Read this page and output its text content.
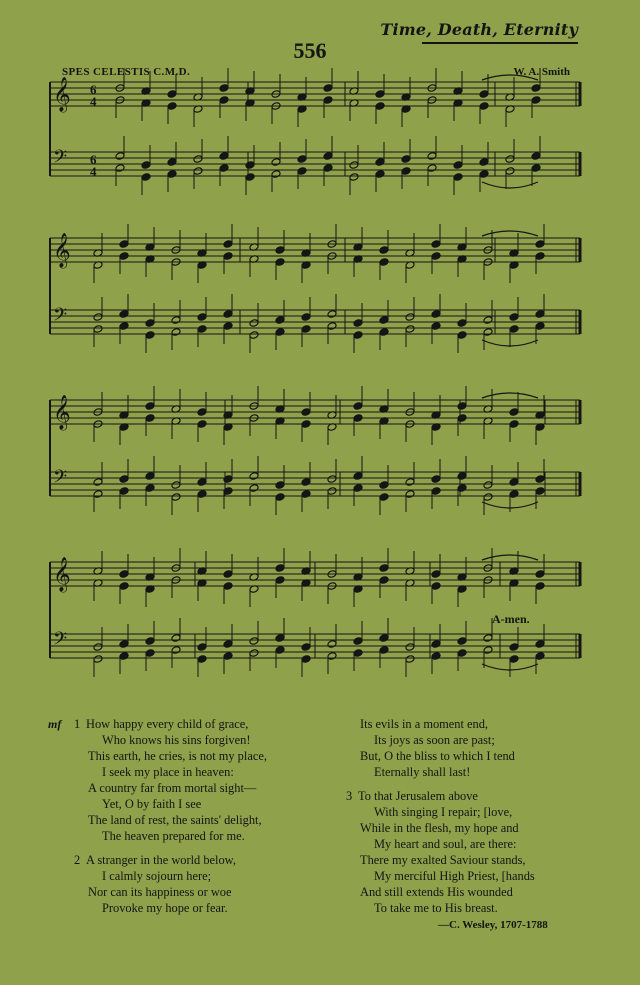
Time, Death, Eternity
556
SPES CELESTIS C.M.D.	W. A. Smith
𝄞 6
4
𝄢 6
4
𝄞
𝄢
𝄞
𝄢
𝄞
𝄢
A-men.
mf	1 How happy every child of grace,
Who knows his sins forgiven!
This earth, he cries, is not my place,
I seek my place in heaven:
A country far from mortal sight—
Yet, O by faith I see
The land of rest, the saints' delight,
The heaven prepared for me.
2 A stranger in the world below,
I calmly sojourn here;
Nor can its happiness or woe
Provoke my hope or fear.
Its evils in a moment end,
Its joys as soon are past;
But, O the bliss to which I tend
Eternally shall last!
3 To that Jerusalem above
With singing I repair; [love,
While in the flesh, my hope and
My heart and soul, are there:
There my exalted Saviour stands,
My merciful High Priest, [hands
And still extends His wounded
To take me to His breast.
—C. Wesley, 1707-1788
